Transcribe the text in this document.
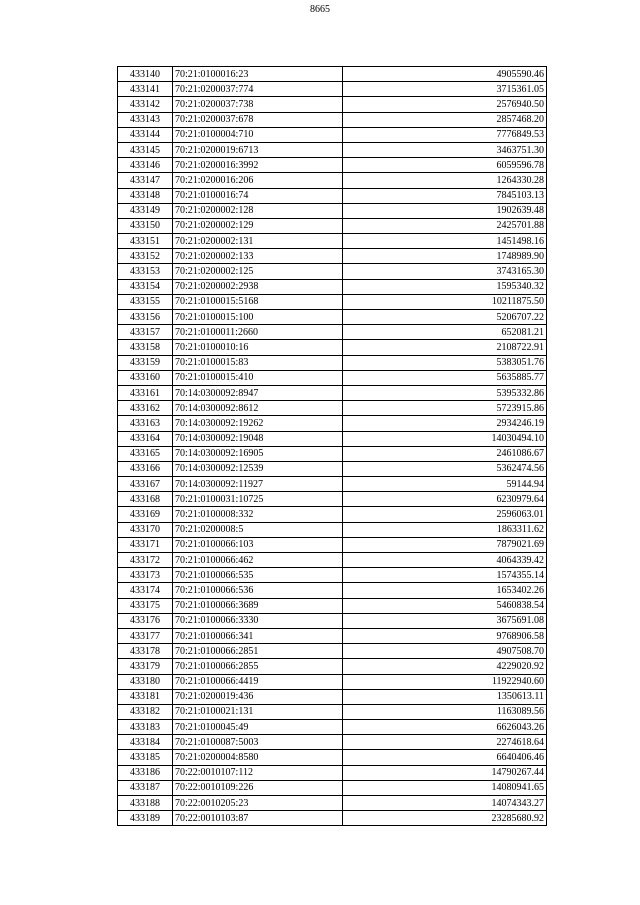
8665
433140	70:21:0100016:23	4905590.46
433141	70:21:0200037:774	3715361.05
433142	70:21:0200037:738	2576940.50
433143	70:21:0200037:678	2857468.20
433144	70:21:0100004:710	7776849.53
433145	70:21:0200019:6713	3463751.30
433146	70:21:0200016:3992	6059596.78
433147	70:21:0200016:206	1264330.28
433148	70:21:0100016:74	7845103.13
433149	70:21:0200002:128	1902639.48
433150	70:21:0200002:129	2425701.88
433151	70:21:0200002:131	1451498.16
433152	70:21:0200002:133	1748989.90
433153	70:21:0200002:125	3743165.30
433154	70:21:0200002:2938	1595340.32
433155	70:21:0100015:5168	10211875.50
433156	70:21:0100015:100	5206707.22
433157	70:21:0100011:2660	652081.21
433158	70:21:0100010:16	2108722.91
433159	70:21:0100015:83	5383051.76
433160	70:21:0100015:410	5635885.77
433161	70:14:0300092:8947	5395332.86
433162	70:14:0300092:8612	5723915.86
433163	70:14:0300092:19262	2934246.19
433164	70:14:0300092:19048	14030494.10
433165	70:14:0300092:16905	2461086.67
433166	70:14:0300092:12539	5362474.56
433167	70:14:0300092:11927	59144.94
433168	70:21:0100031:10725	6230979.64
433169	70:21:0100008:332	2596063.01
433170	70:21:0200008:5	1863311.62
433171	70:21:0100066:103	7879021.69
433172	70:21:0100066:462	4064339.42
433173	70:21:0100066:535	1574355.14
433174	70:21:0100066:536	1653402.26
433175	70:21:0100066:3689	5460838.54
433176	70:21:0100066:3330	3675691.08
433177	70:21:0100066:341	9768906.58
433178	70:21:0100066:2851	4907508.70
433179	70:21:0100066:2855	4229020.92
433180	70:21:0100066:4419	11922940.60
433181	70:21:0200019:436	1350613.11
433182	70:21:0100021:131	1163089.56
433183	70:21:0100045:49	6626043.26
433184	70:21:0100087:5003	2274618.64
433185	70:21:0200004:8580	6640406.46
433186	70:22:0010107:112	14790267.44
433187	70:22:0010109:226	14080941.65
433188	70:22:0010205:23	14074343.27
433189	70:22:0010103:87	23285680.92
